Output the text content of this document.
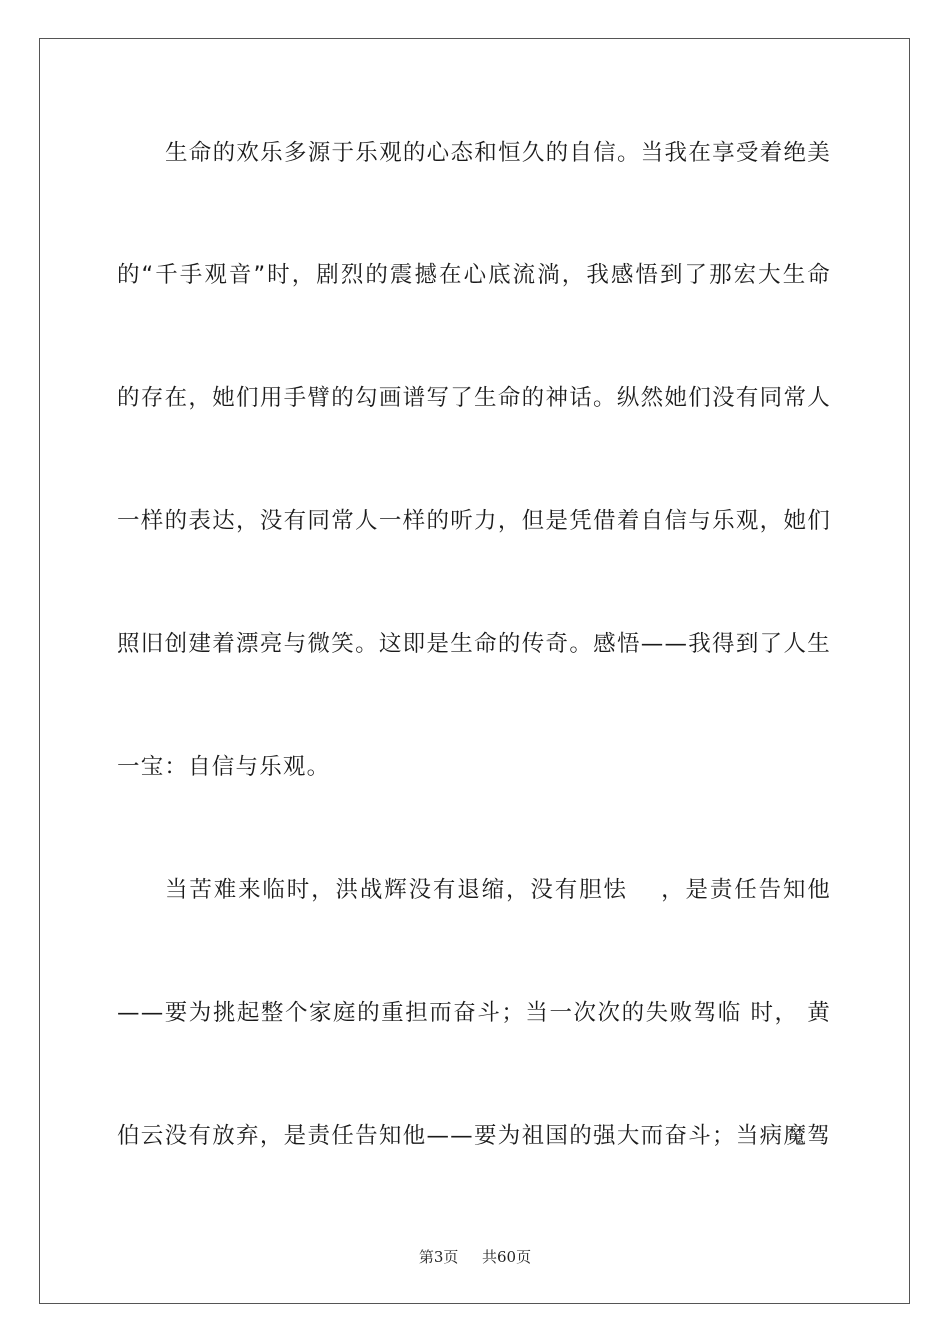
生命的欢乐多源于乐观的心态和恒久的自信。当我在享受着绝美
的“千手观音”时，剧烈的震撼在心底流淌，我感悟到了那宏大生命
的存在，她们用手臂的勾画谱写了生命的神话。纵然她们没有同常人
一样的表达，没有同常人一样的听力，但是凭借着自信与乐观，她们
照旧创建着漂亮与微笑。这即是生命的传奇。感悟——我得到了人生
一宝：自信与乐观。
当苦难来临时，洪战辉没有退缩，没有胆怯　 ，是责任告知他
——要为挑起整个家庭的重担而奋斗；当一次次的失败驾临 时， 黄
伯云没有放弃，是责任告知他——要为祖国的强大而奋斗；当病魔驾
第3页 共60页
